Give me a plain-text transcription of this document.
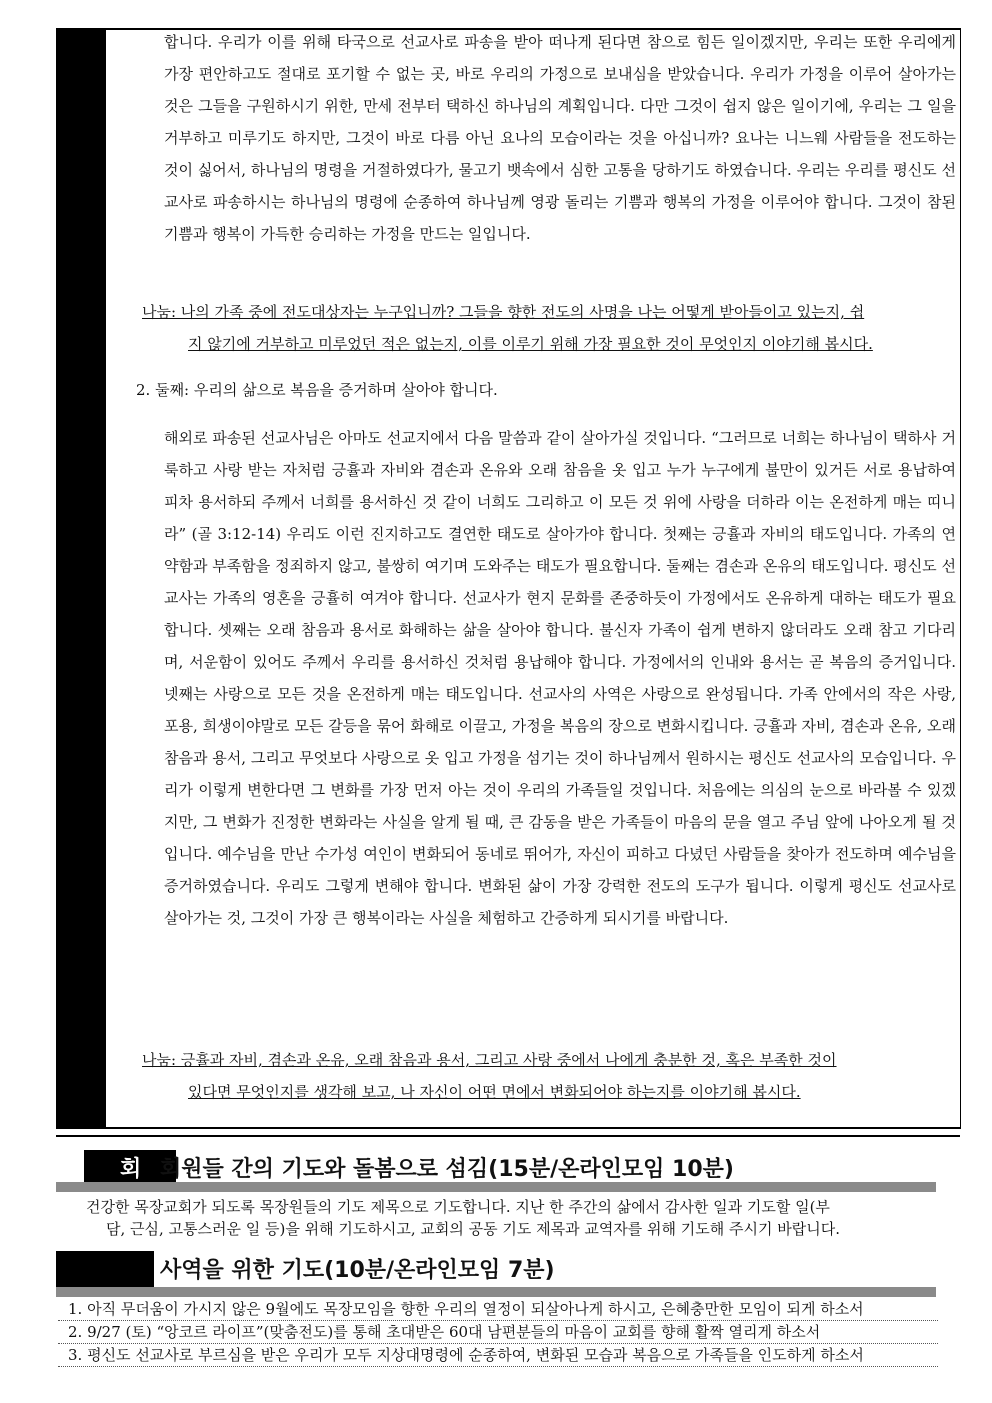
합니다. 우리가 이를 위해 타국으로 선교사로 파송을 받아 떠나게 된다면 참으로 힘든 일이겠지만, 우리는 또한 우리에게 가장 편안하고도 절대로 포기할 수 없는 곳, 바로 우리의 가정으로 보내심을 받았습니다. 우리가 가정을 이루어 살아가는 것은 그들을 구원하시기 위한, 만세 전부터 택하신 하나님의 계획입니다. 다만 그것이 쉽지 않은 일이기에, 우리는 그 일을 거부하고 미루기도 하지만, 그것이 바로 다름 아닌 요나의 모습이라는 것을 아십니까? 요나는 니느웨 사람들을 전도하는 것이 싫어서, 하나님의 명령을 거절하였다가, 물고기 뱃속에서 심한 고통을 당하기도 하였습니다. 우리는 우리를 평신도 선교사로 파송하시는 하나님의 명령에 순종하여 하나님께 영광 돌리는 기쁨과 행복의 가정을 이루어야 합니다. 그것이 참된 기쁨과 행복이 가득한 승리하는 가정을 만드는 일입니다.

나눔: 나의 가족 중에 전도대상자는 누구입니까? 그들을 향한 전도의 사명을 나는 어떻게 받아들이고 있는지, 쉽
지 않기에 거부하고 미루었던 적은 없는지, 이를 이루기 위해 가장 필요한 것이 무엇인지 이야기해 봅시다.

2. 둘째: 우리의 삶으로 복음을 증거하며 살아야 합니다.

해외로 파송된 선교사님은 아마도 선교지에서 다음 말씀과 같이 살아가실 것입니다. “그러므로 너희는 하나님이 택하사 거룩하고 사랑 받는 자처럼 긍휼과 자비와 겸손과 온유와 오래 참음을 옷 입고 누가 누구에게 불만이 있거든 서로 용납하여 피차 용서하되 주께서 너희를 용서하신 것 같이 너희도 그리하고 이 모든 것 위에 사랑을 더하라 이는 온전하게 매는 띠니라” (골 3:12-14) 우리도 이런 진지하고도 결연한 태도로 살아가야 합니다. 첫째는 긍휼과 자비의 태도입니다. 가족의 연약함과 부족함을 정죄하지 않고, 불쌍히 여기며 도와주는 태도가 필요합니다. 둘째는 겸손과 온유의 태도입니다. 평신도 선교사는 가족의 영혼을 긍휼히 여겨야 합니다. 선교사가 현지 문화를 존중하듯이 가정에서도 온유하게 대하는 태도가 필요합니다. 셋째는 오래 참음과 용서로 화해하는 삶을 살아야 합니다. 불신자 가족이 쉽게 변하지 않더라도 오래 참고 기다리며, 서운함이 있어도 주께서 우리를 용서하신 것처럼 용납해야 합니다. 가정에서의 인내와 용서는 곧 복음의 증거입니다. 넷째는 사랑으로 모든 것을 온전하게 매는 태도입니다. 선교사의 사역은 사랑으로 완성됩니다. 가족 안에서의 작은 사랑, 포용, 희생이야말로 모든 갈등을 묶어 화해로 이끌고, 가정을 복음의 장으로 변화시킵니다. 긍휼과 자비, 겸손과 온유, 오래 참음과 용서, 그리고 무엇보다 사랑으로 옷 입고 가정을 섬기는 것이 하나님께서 원하시는 평신도 선교사의 모습입니다. 우리가 이렇게 변한다면 그 변화를 가장 먼저 아는 것이 우리의 가족들일 것입니다. 처음에는 의심의 눈으로 바라볼 수 있겠지만, 그 변화가 진정한 변화라는 사실을 알게 될 때, 큰 감동을 받은 가족들이 마음의 문을 열고 주님 앞에 나아오게 될 것입니다. 예수님을 만난 수가성 여인이 변화되어 동네로 뛰어가, 자신이 피하고 다녔던 사람들을 찾아가 전도하며 예수님을 증거하였습니다. 우리도 그렇게 변해야 합니다. 변화된 삶이 가장 강력한 전도의 도구가 됩니다. 이렇게 평신도 선교사로 살아가는 것, 그것이 가장 큰 행복이라는 사실을 체험하고 간증하게 되시기를 바랍니다.

나눔: 긍휼과 자비, 겸손과 온유, 오래 참음과 용서, 그리고 사랑 중에서 나에게 충분한 것, 혹은 부족한 것이
있다면 무엇인지를 생각해 보고, 나 자신이 어떤 면에서 변화되어야 하는지를 이야기해 봅시다.

회 회원들 간의 기도와 돌봄으로 섬김(15분/온라인모임 10분)

건강한 목장교회가 되도록 목장원들의 기도 제목으로 기도합니다. 지난 한 주간의 삶에서 감사한 일과 기도할 일(부
담, 근심, 고통스러운 일 등)을 위해 기도하시고, 교회의 공동 기도 제목과 교역자를 위해 기도해 주시기 바랍니다.

사역을 위한 기도(10분/온라인모임 7분)
1. 아직 무더움이 가시지 않은 9월에도 목장모임을 향한 우리의 열정이 되살아나게 하시고, 은혜충만한 모임이 되게 하소서
2. 9/27 (토) “앙코르 라이프”(맞춤전도)를 통해 초대받은 60대 남편분들의 마음이 교회를 향해 활짝 열리게 하소서
3. 평신도 선교사로 부르심을 받은 우리가 모두 지상대명령에 순종하여, 변화된 모습과 복음으로 가족들을 인도하게 하소서
